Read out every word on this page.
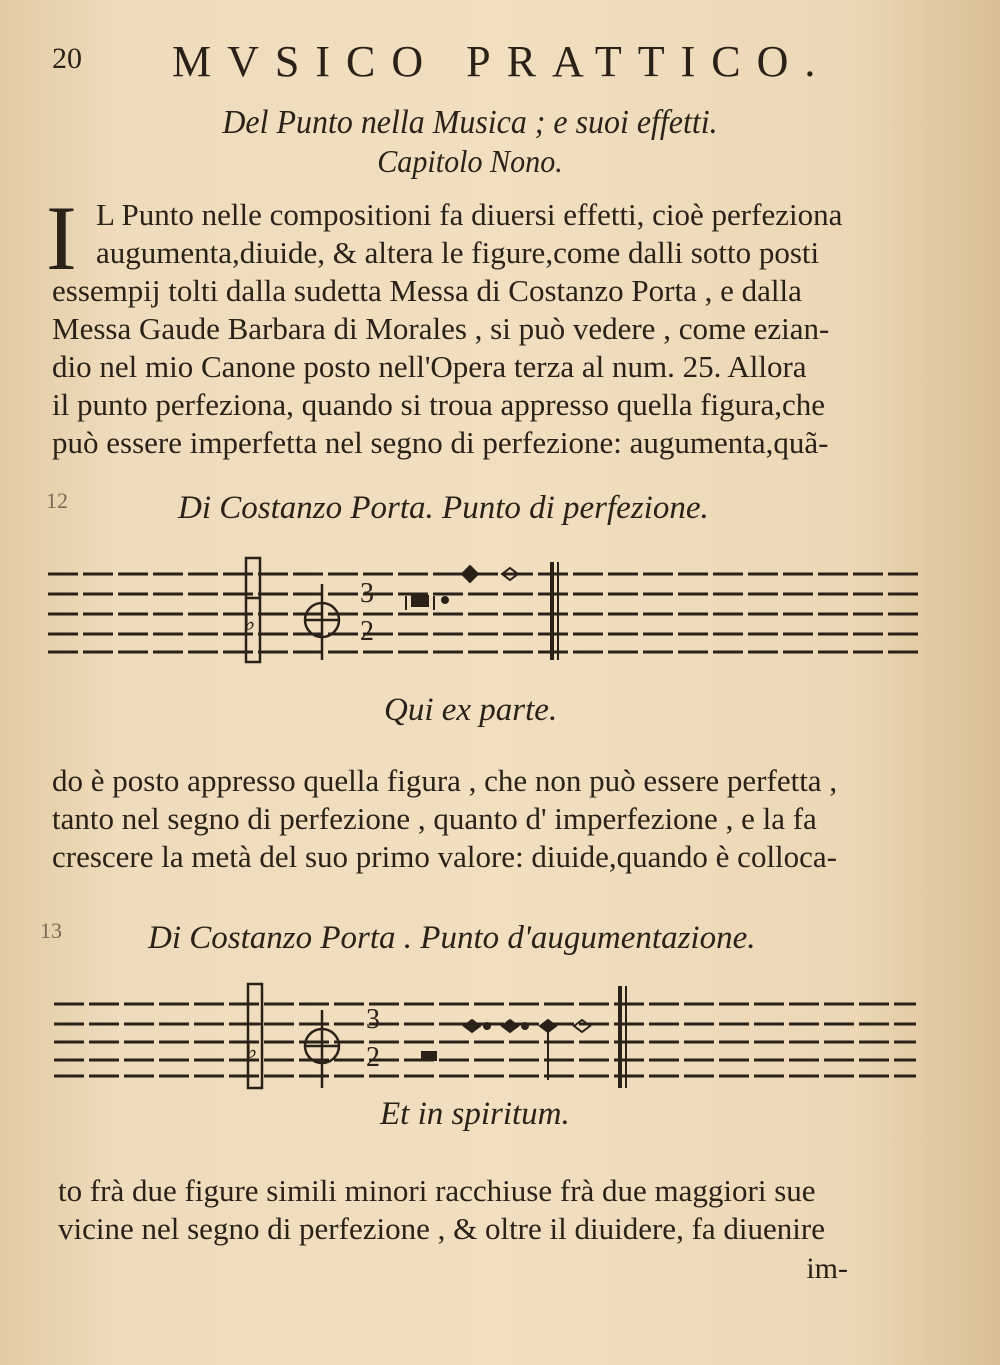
20 MVSICO PRATTICO.
Del Punto nella Musica ; e suoi effetti.
Capitolo Nono.
I L Punto nelle compositioni fa diuersi effetti, cioè perfeziona
augumenta,diuide, & altera le figure,come dalli sotto posti
essempij tolti dalla sudetta Messa di Costanzo Porta , e dalla
Messa Gaude Barbara di Morales , si può vedere , come ezian-
dio nel mio Canone posto nell'Opera terza al num. 25. Allora
il punto perfeziona, quando si troua appresso quella figura,che
può essere imperfetta nel segno di perfezione: augumenta,quã-
12	Di Costanzo Porta. Punto di perfezione.
♭
3
2
Qui ex parte.
do è posto appresso quella figura , che non può essere perfetta ,
tanto nel segno di perfezione , quanto d' imperfezione , e la fa
crescere la metà del suo primo valore: diuide,quando è colloca-
13	Di Costanzo Porta . Punto d'augumentazione.
♭
3
2
Et in spiritum.
to frà due figure simili minori racchiuse frà due maggiori sue
vicine nel segno di perfezione , & oltre il diuidere, fa diuenire
im-
